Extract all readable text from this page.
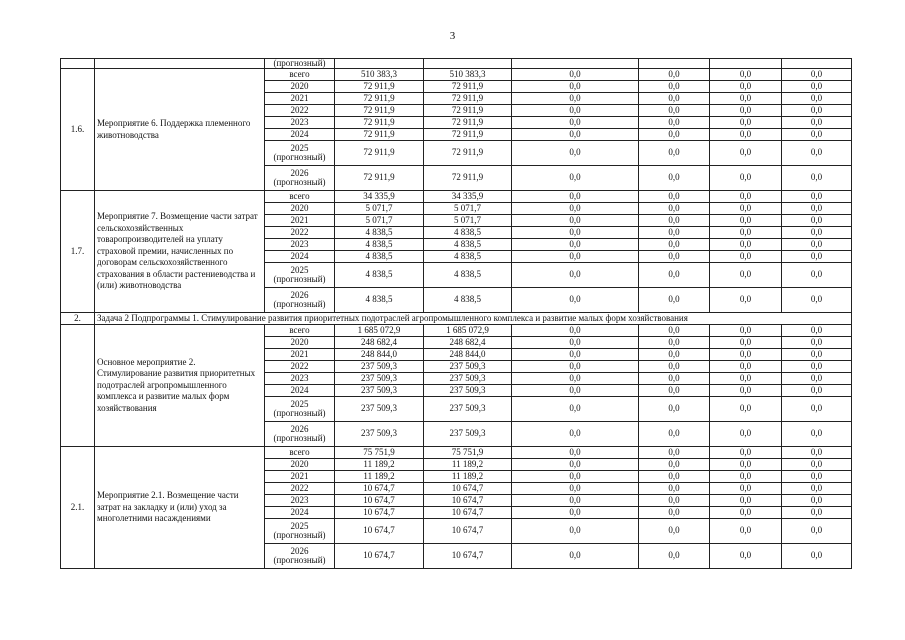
3
		(прогнозный)						
1.6.	Мероприятие 6. Поддержка племенного животноводства	всего	510 383,3	510 383,3	0,0	0,0	0,0	0,0
		2020	72 911,9	72 911,9	0,0	0,0	0,0	0,0
		2021	72 911,9	72 911,9	0,0	0,0	0,0	0,0
		2022	72 911,9	72 911,9	0,0	0,0	0,0	0,0
		2023	72 911,9	72 911,9	0,0	0,0	0,0	0,0
		2024	72 911,9	72 911,9	0,0	0,0	0,0	0,0
		2025 (прогнозный)	72 911,9	72 911,9	0,0	0,0	0,0	0,0
		2026 (прогнозный)	72 911,9	72 911,9	0,0	0,0	0,0	0,0
1.7.	Мероприятие 7. Возмещение части затрат сельскохозяйственных товаропроизводителей на уплату страховой премии, начисленных по договорам сельскохозяйственного страхования в области растениеводства и (или) животноводства	всего	34 335,9	34 335,9	0,0	0,0	0,0	0,0
		2020	5 071,7	5 071,7	0,0	0,0	0,0	0,0
		2021	5 071,7	5 071,7	0,0	0,0	0,0	0,0
		2022	4 838,5	4 838,5	0,0	0,0	0,0	0,0
		2023	4 838,5	4 838,5	0,0	0,0	0,0	0,0
		2024	4 838,5	4 838,5	0,0	0,0	0,0	0,0
		2025 (прогнозный)	4 838,5	4 838,5	0,0	0,0	0,0	0,0
		2026 (прогнозный)	4 838,5	4 838,5	0,0	0,0	0,0	0,0
2.	Задача 2 Подпрограммы 1. Стимулирование развития приоритетных подотраслей агропромышленного комплекса и развитие малых форм хозяйствования							
	Основное мероприятие 2. Стимулирование развития приоритетных подотраслей агропромышленного комплекса и развитие малых форм хозяйствования	всего	1 685 072,9	1 685 072,9	0,0	0,0	0,0	0,0
		2020	248 682,4	248 682,4	0,0	0,0	0,0	0,0
		2021	248 844,0	248 844,0	0,0	0,0	0,0	0,0
		2022	237 509,3	237 509,3	0,0	0,0	0,0	0,0
		2023	237 509,3	237 509,3	0,0	0,0	0,0	0,0
		2024	237 509,3	237 509,3	0,0	0,0	0,0	0,0
		2025 (прогнозный)	237 509,3	237 509,3	0,0	0,0	0,0	0,0
		2026 (прогнозный)	237 509,3	237 509,3	0,0	0,0	0,0	0,0
2.1.	Мероприятие 2.1. Возмещение части затрат на закладку и (или) уход за многолетними насаждениями	всего	75 751,9	75 751,9	0,0	0,0	0,0	0,0
		2020	11 189,2	11 189,2	0,0	0,0	0,0	0,0
		2021	11 189,2	11 189,2	0,0	0,0	0,0	0,0
		2022	10 674,7	10 674,7	0,0	0,0	0,0	0,0
		2023	10 674,7	10 674,7	0,0	0,0	0,0	0,0
		2024	10 674,7	10 674,7	0,0	0,0	0,0	0,0
		2025 (прогнозный)	10 674,7	10 674,7	0,0	0,0	0,0	0,0
		2026 (прогнозный)	10 674,7	10 674,7	0,0	0,0	0,0	0,0
